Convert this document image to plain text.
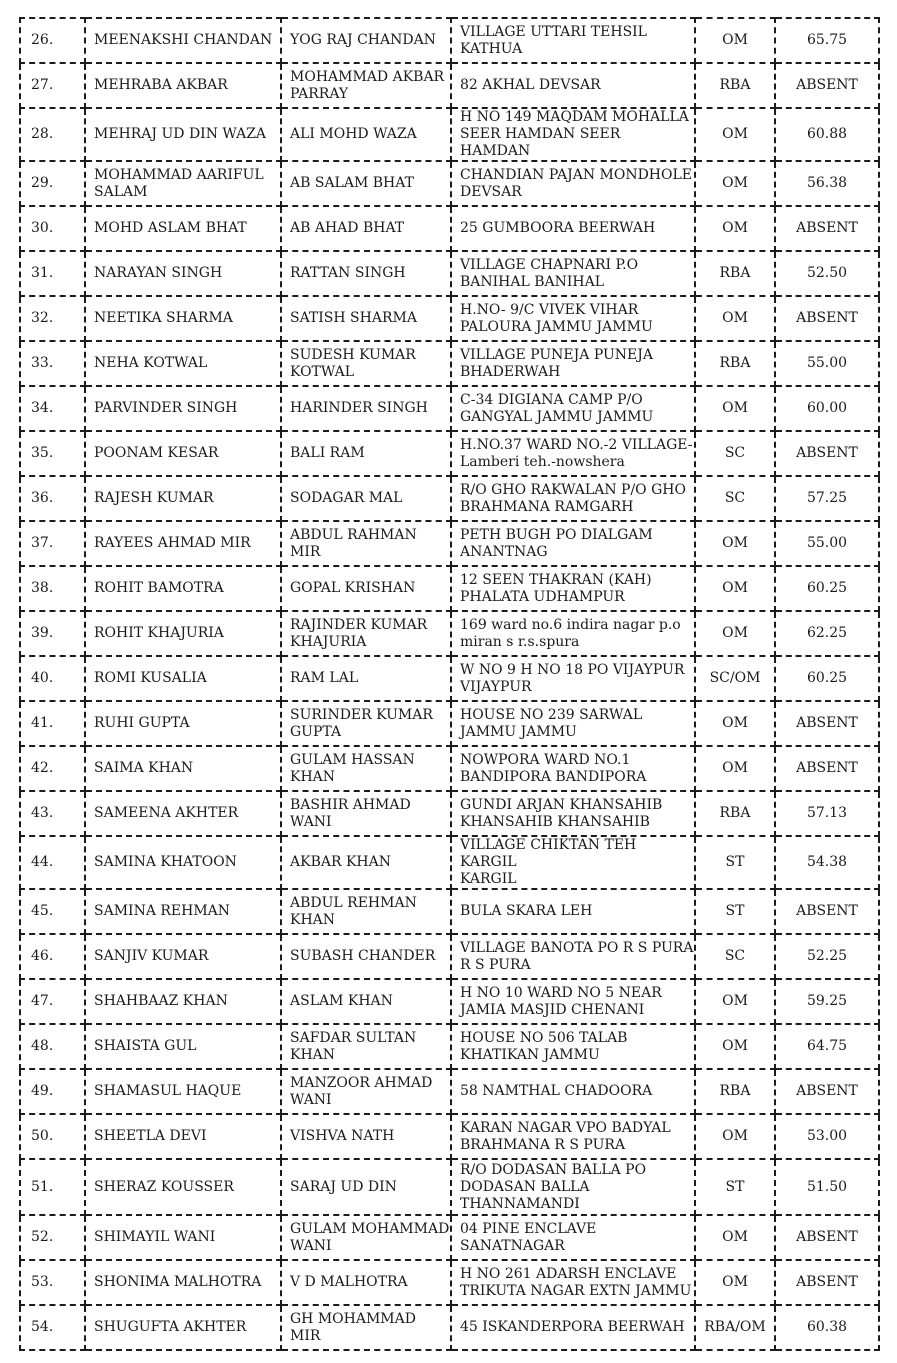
26.	MEENAKSHI CHANDAN	YOG RAJ CHANDAN	VILLAGE UTTARI TEHSIL
KATHUA	OM	65.75
27.	MEHRABA AKBAR	MOHAMMAD AKBAR
PARRAY	82 AKHAL DEVSAR	RBA	ABSENT
28.	MEHRAJ UD DIN WAZA	ALI MOHD WAZA	H NO 149 MAQDAM MOHALLA
SEER HAMDAN SEER HAMDAN	OM	60.88
29.	MOHAMMAD AARIFUL
SALAM	AB SALAM BHAT	CHANDIAN PAJAN MONDHOLE
DEVSAR	OM	56.38
30.	MOHD ASLAM BHAT	AB AHAD BHAT	25 GUMBOORA BEERWAH	OM	ABSENT
31.	NARAYAN SINGH	RATTAN SINGH	VILLAGE CHAPNARI P.O
BANIHAL BANIHAL	RBA	52.50
32.	NEETIKA SHARMA	SATISH SHARMA	H.NO- 9/C VIVEK VIHAR
PALOURA JAMMU JAMMU	OM	ABSENT
33.	NEHA KOTWAL	SUDESH KUMAR
KOTWAL	VILLAGE PUNEJA PUNEJA
BHADERWAH	RBA	55.00
34.	PARVINDER SINGH	HARINDER SINGH	C-34 DIGIANA CAMP P/O
GANGYAL JAMMU JAMMU	OM	60.00
35.	POONAM KESAR	BALI RAM	H.NO.37 WARD NO.-2 VILLAGE-
Lamberi teh.-nowshera	SC	ABSENT
36.	RAJESH KUMAR	SODAGAR MAL	R/O GHO RAKWALAN P/O GHO
BRAHMANA RAMGARH	SC	57.25
37.	RAYEES AHMAD MIR	ABDUL RAHMAN MIR	PETH BUGH PO DIALGAM
ANANTNAG	OM	55.00
38.	ROHIT BAMOTRA	GOPAL KRISHAN	12 SEEN THAKRAN (KAH)
PHALATA UDHAMPUR	OM	60.25
39.	ROHIT KHAJURIA	RAJINDER KUMAR
KHAJURIA	169 ward no.6 indira nagar p.o
miran s r.s.spura	OM	62.25
40.	ROMI KUSALIA	RAM LAL	W NO 9 H NO 18 PO VIJAYPUR
VIJAYPUR	SC/OM	60.25
41.	RUHI GUPTA	SURINDER KUMAR
GUPTA	HOUSE NO 239 SARWAL
JAMMU JAMMU	OM	ABSENT
42.	SAIMA KHAN	GULAM HASSAN
KHAN	NOWPORA WARD NO.1
BANDIPORA BANDIPORA	OM	ABSENT
43.	SAMEENA AKHTER	BASHIR AHMAD
WANI	GUNDI ARJAN KHANSAHIB
KHANSAHIB KHANSAHIB	RBA	57.13
44.	SAMINA KHATOON	AKBAR KHAN	VILLAGE CHIKTAN TEH KARGIL
KARGIL	ST	54.38
45.	SAMINA REHMAN	ABDUL REHMAN
KHAN	BULA SKARA LEH	ST	ABSENT
46.	SANJIV KUMAR	SUBASH CHANDER	VILLAGE BANOTA PO R S PURA
R S PURA	SC	52.25
47.	SHAHBAAZ KHAN	ASLAM KHAN	H NO 10 WARD NO 5 NEAR
JAMIA MASJID CHENANI	OM	59.25
48.	SHAISTA GUL	SAFDAR SULTAN
KHAN	HOUSE NO 506 TALAB
KHATIKAN JAMMU	OM	64.75
49.	SHAMASUL HAQUE	MANZOOR AHMAD
WANI	58 NAMTHAL CHADOORA	RBA	ABSENT
50.	SHEETLA DEVI	VISHVA NATH	KARAN NAGAR VPO BADYAL
BRAHMANA R S PURA	OM	53.00
51.	SHERAZ KOUSSER	SARAJ UD DIN	R/O DODASAN BALLA PO
DODASAN BALLA
THANNAMANDI	ST	51.50
52.	SHIMAYIL WANI	GULAM MOHAMMAD
WANI	04 PINE ENCLAVE
SANATNAGAR	OM	ABSENT
53.	SHONIMA MALHOTRA	V D MALHOTRA	H NO 261 ADARSH ENCLAVE
TRIKUTA NAGAR EXTN JAMMU	OM	ABSENT
54.	SHUGUFTA AKHTER	GH MOHAMMAD MIR	45 ISKANDERPORA BEERWAH	RBA/OM	60.38
